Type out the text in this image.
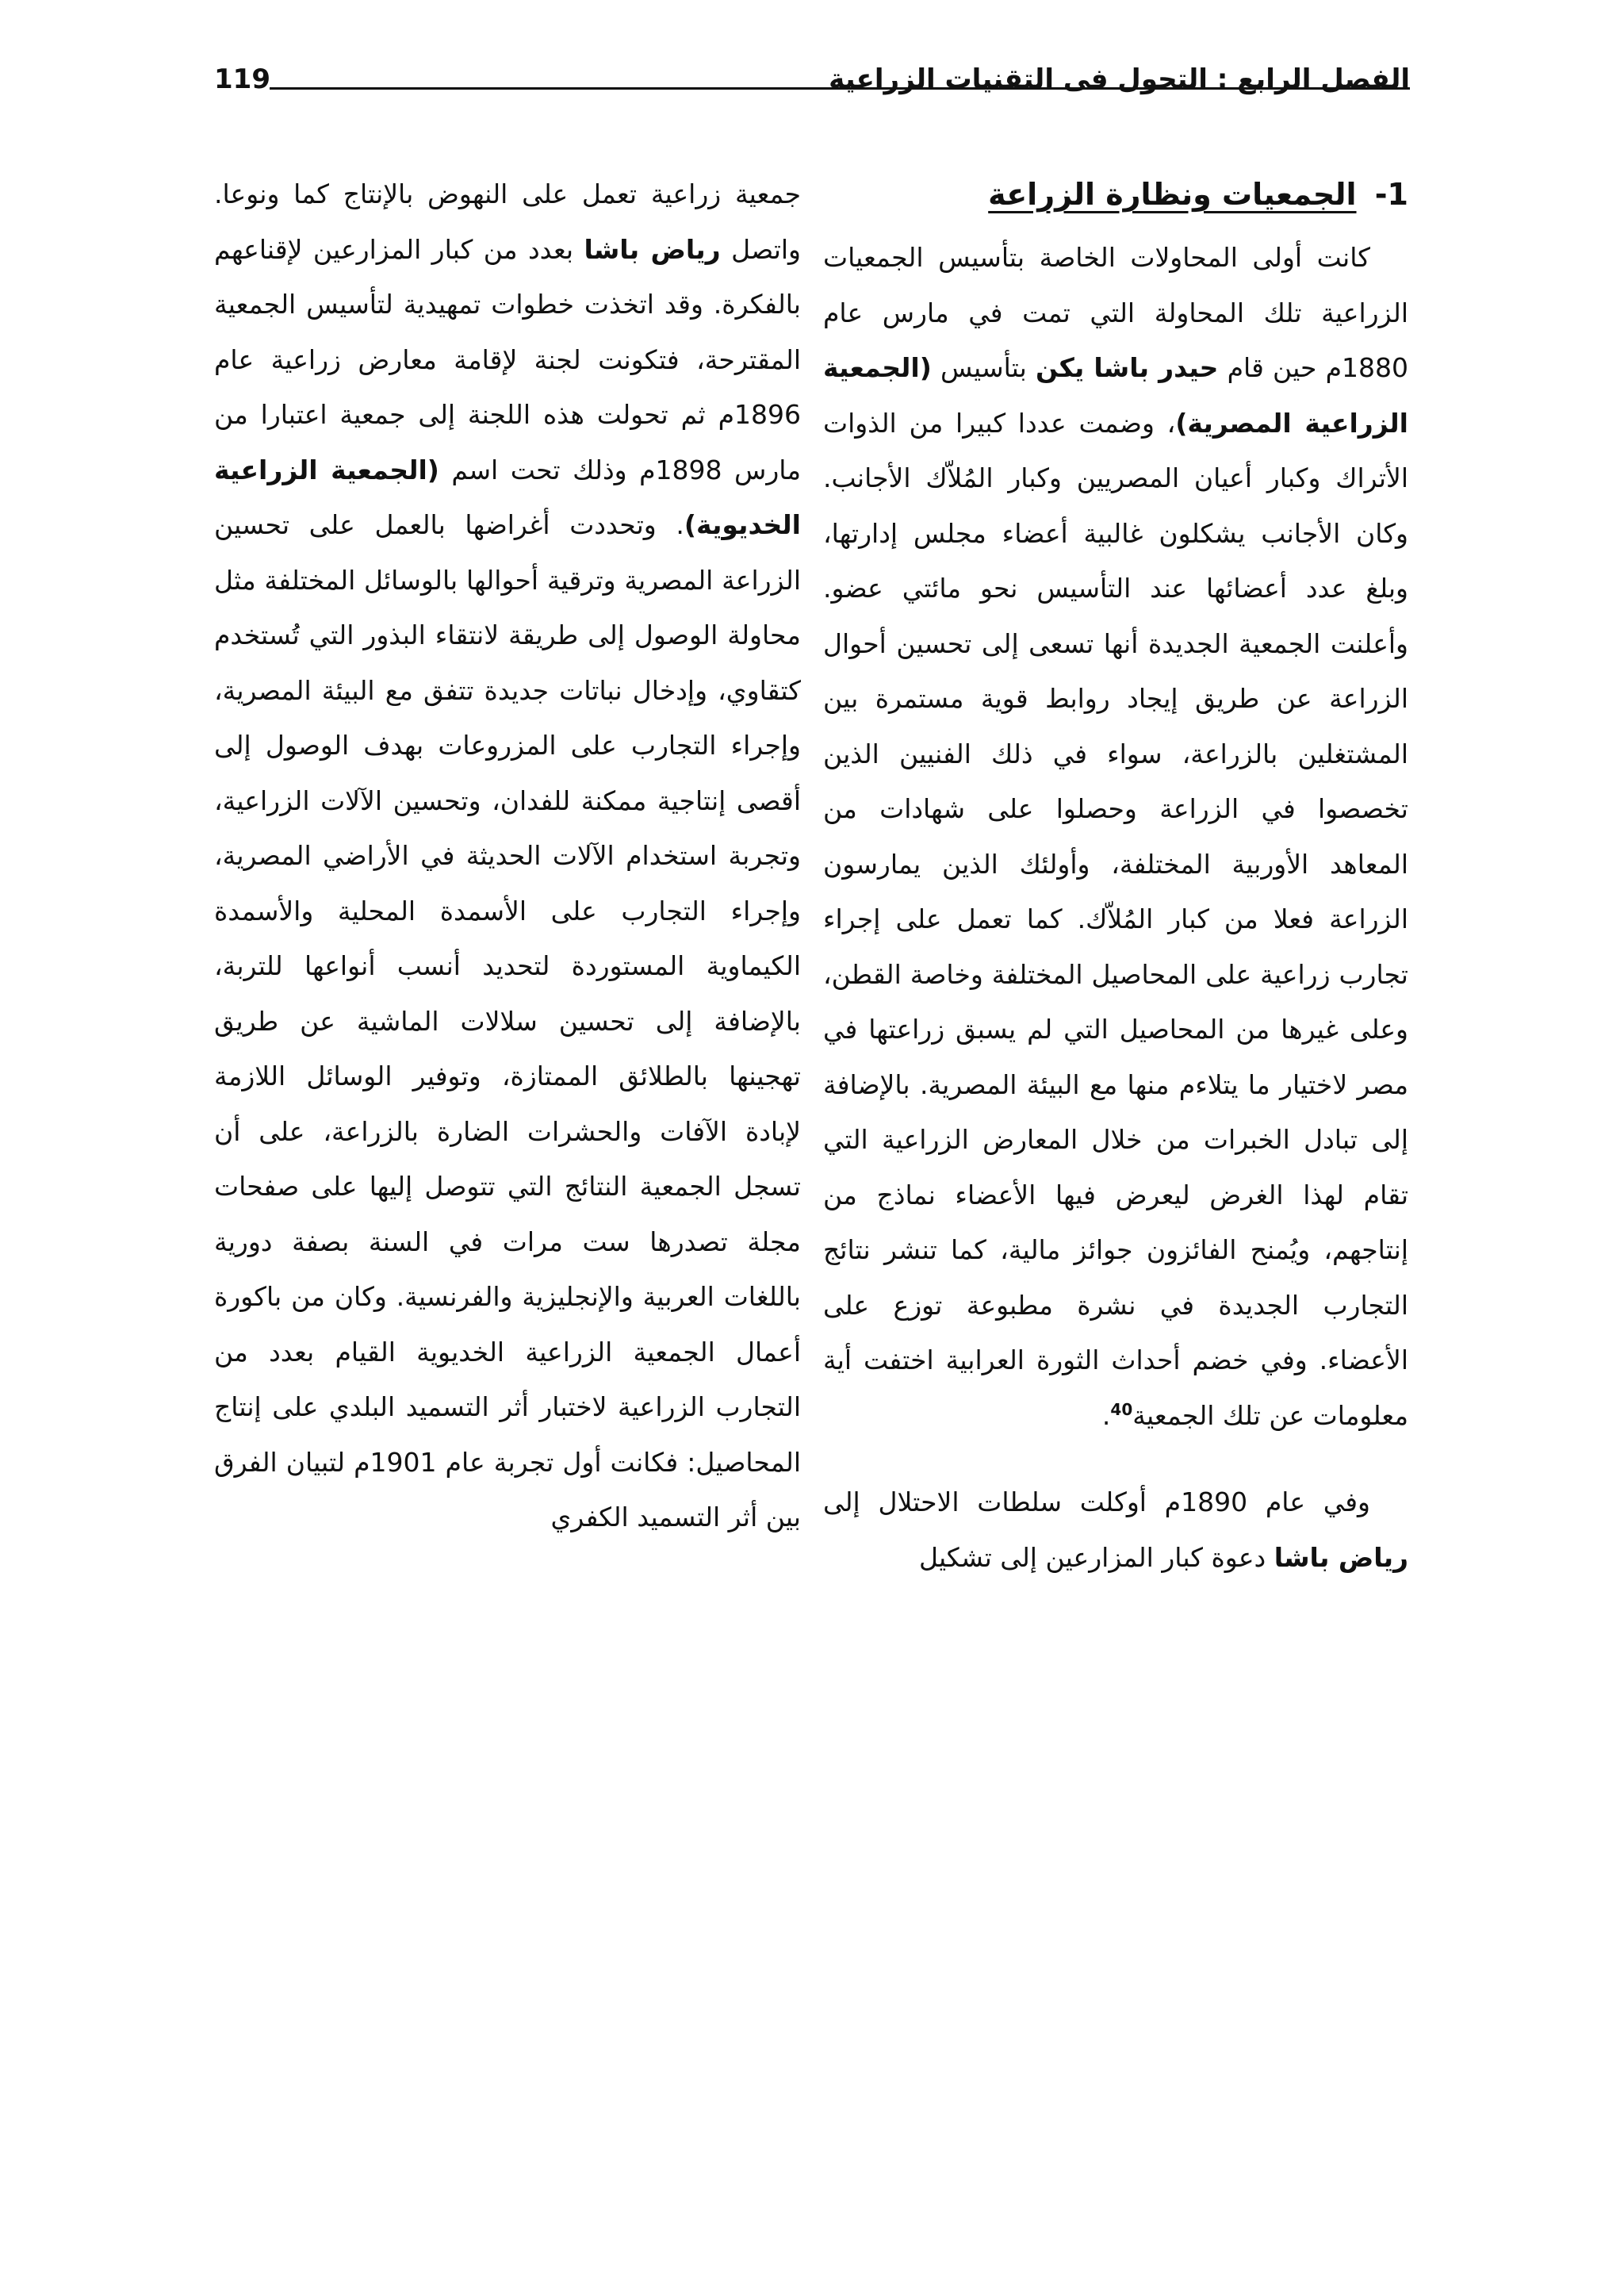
الفصل الرابع : التحول فى التقنيات الزراعية
119
1- الجمعيات ونظارة الزراعة

كانت أولى المحاولات الخاصة بتأسيس الجمعيات الزراعية تلك المحاولة التي تمت في مارس عام 1880م حين قام حيدر باشا يكن بتأسيس (الجمعية الزراعية المصرية)، وضمت عددا كبيرا من الذوات الأتراك وكبار أعيان المصريين وكبار المُلاّك الأجانب. وكان الأجانب يشكلون غالبية أعضاء مجلس إدارتها، وبلغ عدد أعضائها عند التأسيس نحو مائتي عضو. وأعلنت الجمعية الجديدة أنها تسعى إلى تحسين أحوال الزراعة عن طريق إيجاد روابط قوية مستمرة بين المشتغلين بالزراعة، سواء في ذلك الفنيين الذين تخصصوا في الزراعة وحصلوا على شهادات من المعاهد الأوربية المختلفة، وأولئك الذين يمارسون الزراعة فعلا من كبار المُلاّك. كما تعمل على إجراء تجارب زراعية على المحاصيل المختلفة وخاصة القطن، وعلى غيرها من المحاصيل التي لم يسبق زراعتها في مصر لاختيار ما يتلاءم منها مع البيئة المصرية. بالإضافة إلى تبادل الخبرات من خلال المعارض الزراعية التي تقام لهذا الغرض ليعرض فيها الأعضاء نماذج من إنتاجهم، ويُمنح الفائزون جوائز مالية، كما تنشر نتائج التجارب الجديدة في نشرة مطبوعة توزع على الأعضاء. وفي خضم أحداث الثورة العرابية اختفت أية معلومات عن تلك الجمعية$^{40}$.

وفي عام 1890م أوكلت سلطات الاحتلال إلى رياض باشا دعوة كبار المزارعين إلى تشكيل

جمعية زراعية تعمل على النهوض بالإنتاج كما ونوعا. واتصل رياض باشا بعدد من كبار المزارعين لإقناعهم بالفكرة. وقد اتخذت خطوات تمهيدية لتأسيس الجمعية المقترحة، فتكونت لجنة لإقامة معارض زراعية عام 1896م ثم تحولت هذه اللجنة إلى جمعية اعتبارا من مارس 1898م وذلك تحت اسم (الجمعية الزراعية الخديوية). وتحددت أغراضها بالعمل على تحسين الزراعة المصرية وترقية أحوالها بالوسائل المختلفة مثل محاولة الوصول إلى طريقة لانتقاء البذور التي تُستخدم كتقاوي، وإدخال نباتات جديدة تتفق مع البيئة المصرية، وإجراء التجارب على المزروعات بهدف الوصول إلى أقصى إنتاجية ممكنة للفدان، وتحسين الآلات الزراعية، وتجربة استخدام الآلات الحديثة في الأراضي المصرية، وإجراء التجارب على الأسمدة المحلية والأسمدة الكيماوية المستوردة لتحديد أنسب أنواعها للتربة، بالإضافة إلى تحسين سلالات الماشية عن طريق تهجينها بالطلائق الممتازة، وتوفير الوسائل اللازمة لإبادة الآفات والحشرات الضارة بالزراعة، على أن تسجل الجمعية النتائج التي تتوصل إليها على صفحات مجلة تصدرها ست مرات في السنة بصفة دورية باللغات العربية والإنجليزية والفرنسية. وكان من باكورة أعمال الجمعية الزراعية الخديوية القيام بعدد من التجارب الزراعية لاختبار أثر التسميد البلدي على إنتاج المحاصيل: فكانت أول تجربة عام 1901م لتبيان الفرق بين أثر التسميد الكفري
